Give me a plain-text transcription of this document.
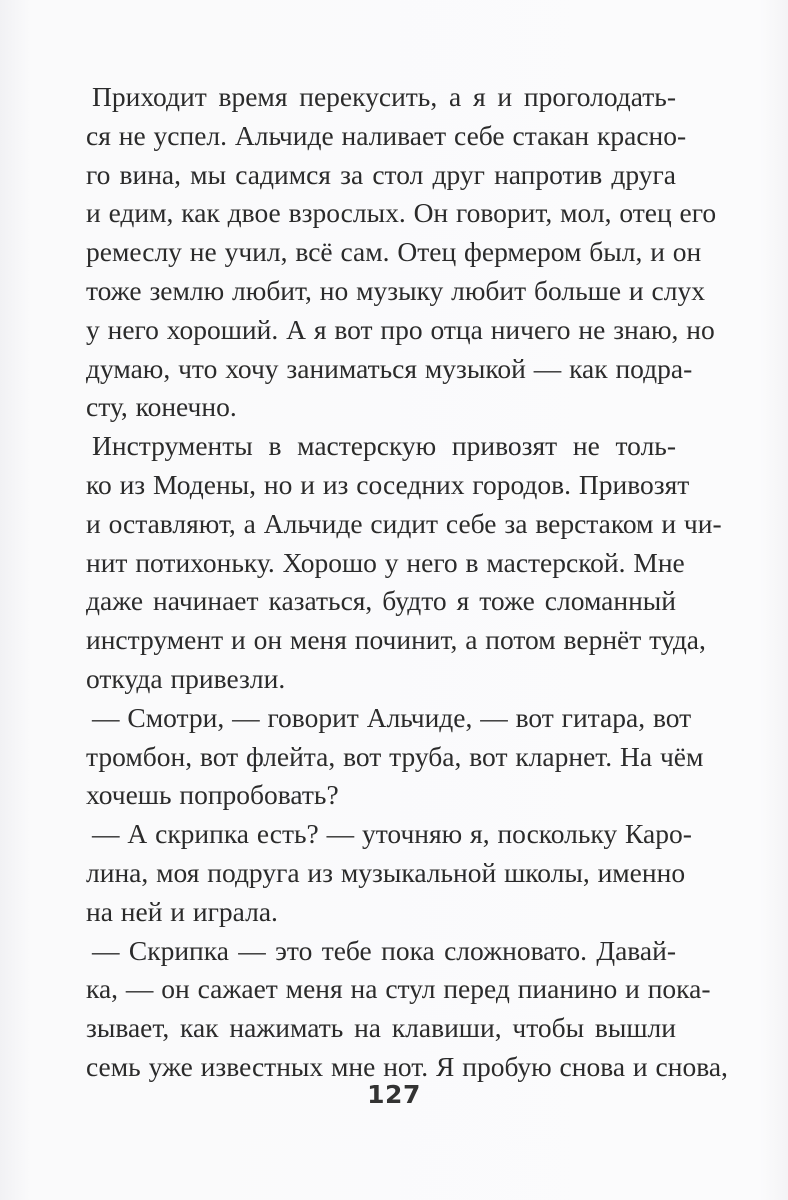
Приходит время перекусить, а я и проголодать-
ся не успел. Альчиде наливает себе стакан красно-
го вина, мы садимся за стол друг напротив друга
и едим, как двое взрослых. Он говорит, мол, отец его
ремеслу не учил, всё сам. Отец фермером был, и он
тоже землю любит, но музыку любит больше и слух
у него хороший. А я вот про отца ничего не знаю, но
думаю, что хочу заниматься музыкой — как подра-
сту, конечно.
Инструменты в мастерскую привозят не толь-
ко из Модены, но и из соседних городов. Привозят
и оставляют, а Альчиде сидит себе за верстаком и чи-
нит потихоньку. Хорошо у него в мастерской. Мне
даже начинает казаться, будто я тоже сломанный
инструмент и он меня починит, а потом вернёт туда,
откуда привезли.
— Смотри, — говорит Альчиде, — вот гитара, вот
тромбон, вот флейта, вот труба, вот кларнет. На чём
хочешь попробовать?
— А скрипка есть? — уточняю я, поскольку Каро-
лина, моя подруга из музыкальной школы, именно
на ней и играла.
— Скрипка — это тебе пока сложновато. Давай-
ка, — он сажает меня на стул перед пианино и пока-
зывает, как нажимать на клавиши, чтобы вышли
семь уже известных мне нот. Я пробую снова и снова,
127
